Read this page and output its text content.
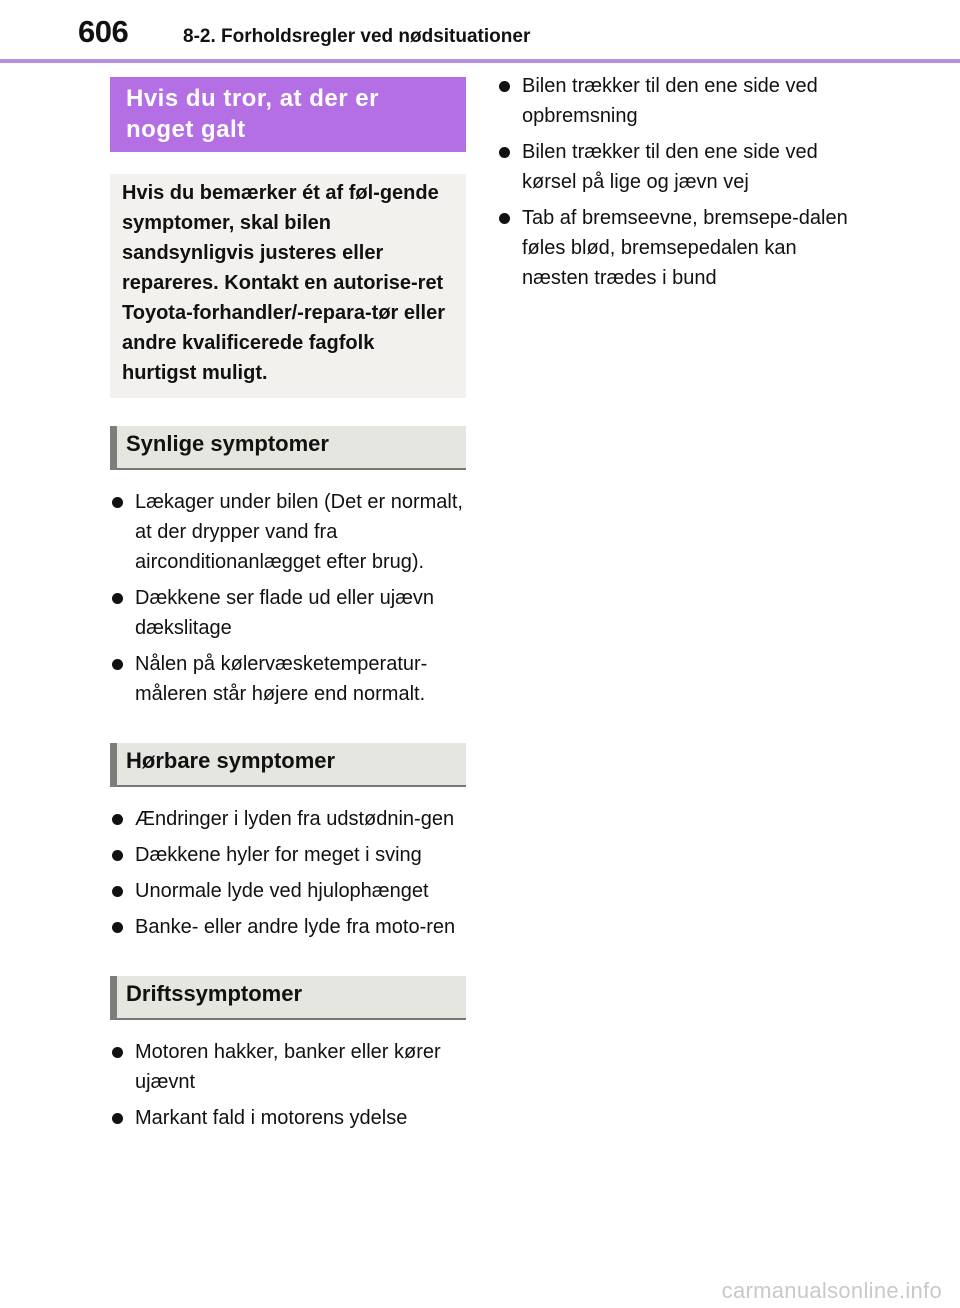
606	8-2. Forholdsregler ved nødsituationer
Hvis du tror, at der er noget galt
Hvis du bemærker ét af føl-gende symptomer, skal bilen sandsynligvis justeres eller repareres. Kontakt en autorise-ret Toyota-forhandler/-repara-tør eller andre kvalificerede fagfolk hurtigst muligt.
Synlige symptomer
Lækager under bilen (Det er normalt, at der drypper vand fra airconditionanlægget efter brug).
Dækkene ser flade ud eller ujævn dækslitage
Nålen på kølervæsketemperatur-måleren står højere end normalt.
Hørbare symptomer
Ændringer i lyden fra udstødnin-gen
Dækkene hyler for meget i sving
Unormale lyde ved hjulophænget
Banke- eller andre lyde fra moto-ren
Driftssymptomer
Motoren hakker, banker eller kører ujævnt
Markant fald i motorens ydelse
Bilen trækker til den ene side ved opbremsning
Bilen trækker til den ene side ved kørsel på lige og jævn vej
Tab af bremseevne, bremsepe-dalen føles blød, bremsepedalen kan næsten trædes i bund
carmanualsonline.info
